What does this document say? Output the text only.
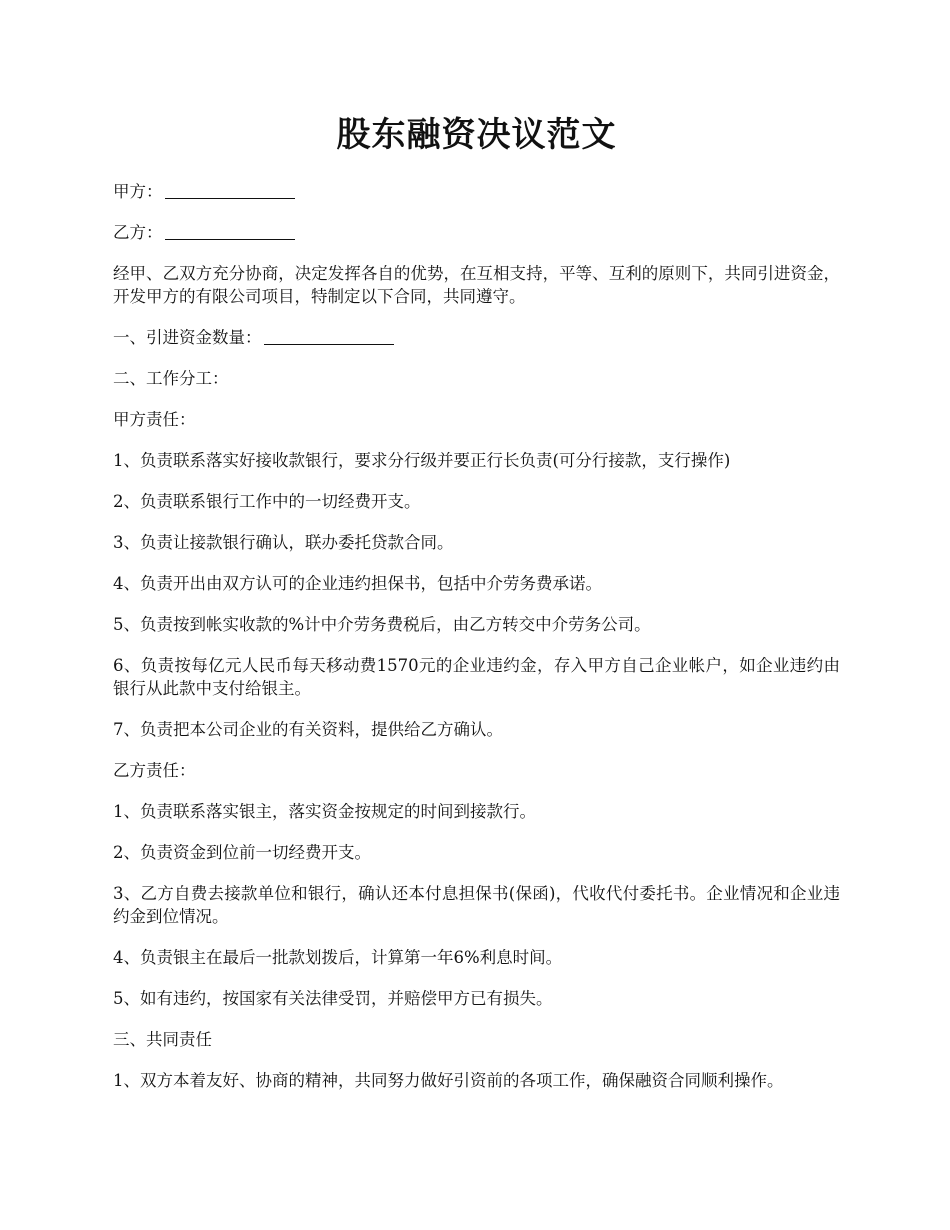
股东融资决议范文

甲方：

乙方：

经甲、乙双方充分协商，决定发挥各自的优势，在互相支持，平等、互利的原则下，共同引进资金，开发甲方的有限公司项目，特制定以下合同，共同遵守。

一、引进资金数量：

二、工作分工：

甲方责任：

1、负责联系落实好接收款银行，要求分行级并要正行长负责(可分行接款，支行操作)

2、负责联系银行工作中的一切经费开支。

3、负责让接款银行确认，联办委托贷款合同。

4、负责开出由双方认可的企业违约担保书，包括中介劳务费承诺。

5、负责按到帐实收款的%计中介劳务费税后，由乙方转交中介劳务公司。

6、负责按每亿元人民币每天移动费1570元的企业违约金，存入甲方自己企业帐户，如企业违约由银行从此款中支付给银主。

7、负责把本公司企业的有关资料，提供给乙方确认。

乙方责任：

1、负责联系落实银主，落实资金按规定的时间到接款行。

2、负责资金到位前一切经费开支。

3、乙方自费去接款单位和银行，确认还本付息担保书(保函)，代收代付委托书。企业情况和企业违约金到位情况。

4、负责银主在最后一批款划拨后，计算第一年6%利息时间。

5、如有违约，按国家有关法律受罚，并赔偿甲方已有损失。

三、共同责任

1、双方本着友好、协商的精神，共同努力做好引资前的各项工作，确保融资合同顺利操作。
